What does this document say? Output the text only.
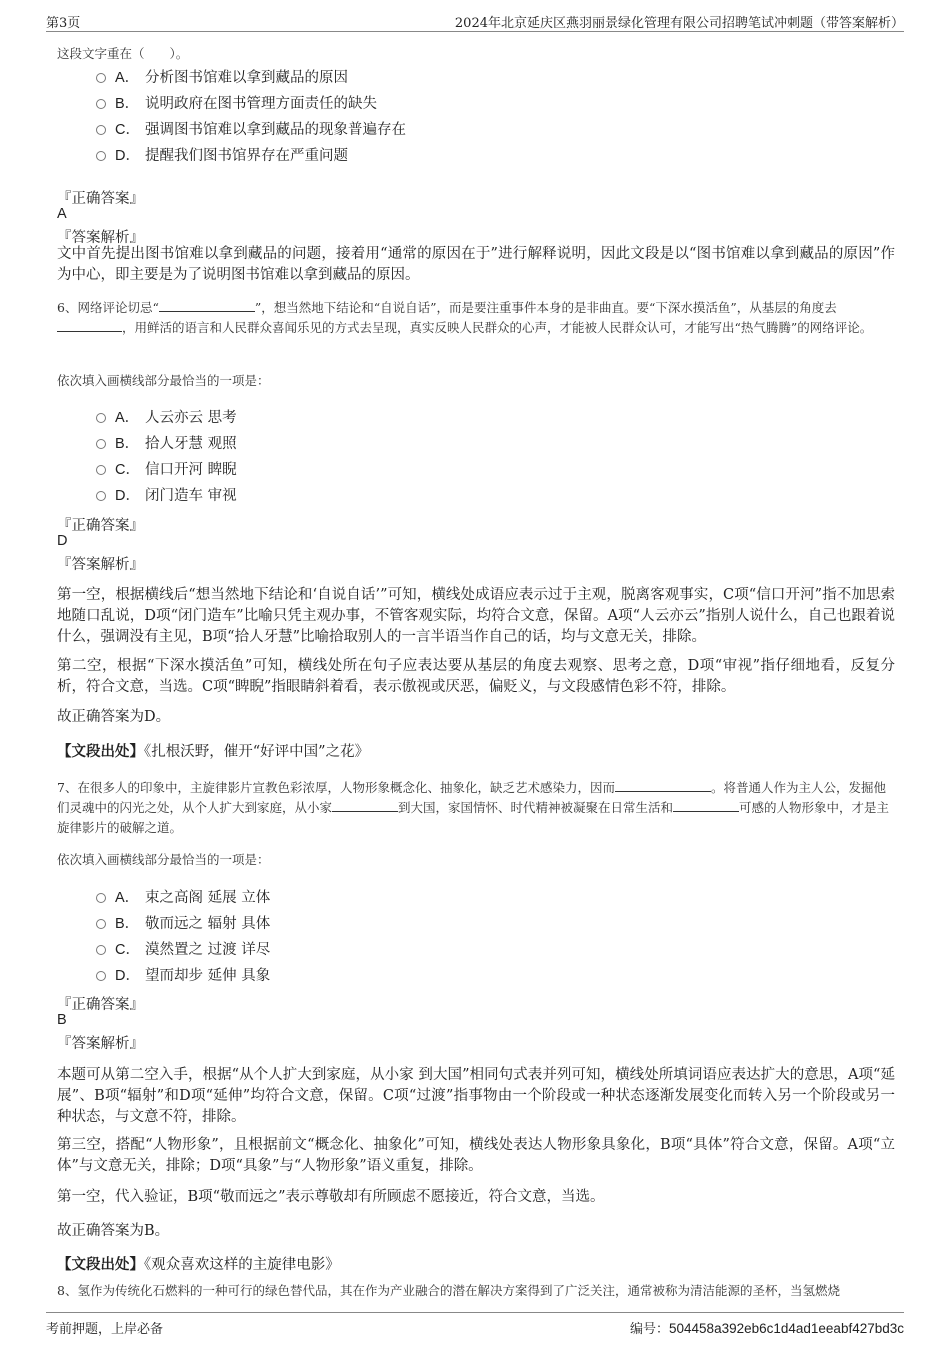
第3页	2024年北京延庆区燕羽丽景绿化管理有限公司招聘笔试冲刺题（带答案解析）
这段文字重在（　　）。
A． 分析图书馆难以拿到藏品的原因
B． 说明政府在图书管理方面责任的缺失
C． 强调图书馆难以拿到藏品的现象普遍存在
D． 提醒我们图书馆界存在严重问题
『正确答案』
A
『答案解析』
文中首先提出图书馆难以拿到藏品的问题，接着用“通常的原因在于”进行解释说明，因此文段是以“图书馆难以拿到藏品的原因”作为中心，即主要是为了说明图书馆难以拿到藏品的原因。
6、网络评论切忌“	”，想当然地下结论和“自说自话”，而是要注重事件本身的是非曲直。要“下深水摸活鱼”，从基层的角度去，用鲜活的语言和人民群众喜闻乐见的方式去呈现，真实反映人民群众的心声，才能被人民群众认可，才能写出“热气腾腾”的网络评论。
依次填入画横线部分最恰当的一项是：
A． 人云亦云 思考
B． 拾人牙慧 观照
C． 信口开河 睥睨
D． 闭门造车 审视
『正确答案』
D
『答案解析』
第一空，根据横线后“想当然地下结论和‘自说自话’”可知，横线处成语应表示过于主观，脱离客观事实，C项“信口开河”指不加思索地随口乱说，D项“闭门造车”比喻只凭主观办事，不管客观实际，均符合文意，保留。A项“人云亦云”指别人说什么，自己也跟着说什么，强调没有主见，B项“拾人牙慧”比喻拾取别人的一言半语当作自己的话，均与文意无关，排除。
第二空，根据“下深水摸活鱼”可知，横线处所在句子应表达要从基层的角度去观察、思考之意，D项“审视”指仔细地看，反复分析，符合文意，当选。C项“睥睨”指眼睛斜着看，表示傲视或厌恶，偏贬义，与文段感情色彩不符，排除。
故正确答案为D。
【文段出处】《扎根沃野，催开“好评中国”之花》
7、在很多人的印象中，主旋律影片宣教色彩浓厚，人物形象概念化、抽象化，缺乏艺术感染力，因而	。将普通人作为主人公，发掘他们灵魂中的闪光之处，从个人扩大到家庭，从小家	到大国，家国情怀、时代精神被凝聚在日常生活和	可感的人物形象中，才是主旋律影片的破解之道。
依次填入画横线部分最恰当的一项是：
A． 束之高阁 延展 立体
B． 敬而远之 辐射 具体
C． 漠然置之 过渡 详尽
D． 望而却步 延伸 具象
『正确答案』
B
『答案解析』
本题可从第二空入手，根据“从个人扩大到家庭，从小家 到大国”相同句式表并列可知，横线处所填词语应表达扩大的意思，A项“延展”、B项“辐射”和D项“延伸”均符合文意，保留。C项“过渡”指事物由一个阶段或一种状态逐渐发展变化而转入另一个阶段或另一种状态，与文意不符，排除。
第三空，搭配“人物形象”，且根据前文“概念化、抽象化”可知，横线处表达人物形象具象化，B项“具体”符合文意，保留。A项“立体”与文意无关，排除；D项“具象”与“人物形象”语义重复，排除。
第一空，代入验证，B项“敬而远之”表示尊敬却有所顾虑不愿接近，符合文意，当选。
故正确答案为B。
【文段出处】《观众喜欢这样的主旋律电影》
8、氢作为传统化石燃料的一种可行的绿色替代品，其在作为产业融合的潜在解决方案得到了广泛关注，通常被称为清洁能源的圣杯，当氢燃烧
考前押题，上岸必备	编号：504458a392eb6c1d4ad1eeabf427bd3c
